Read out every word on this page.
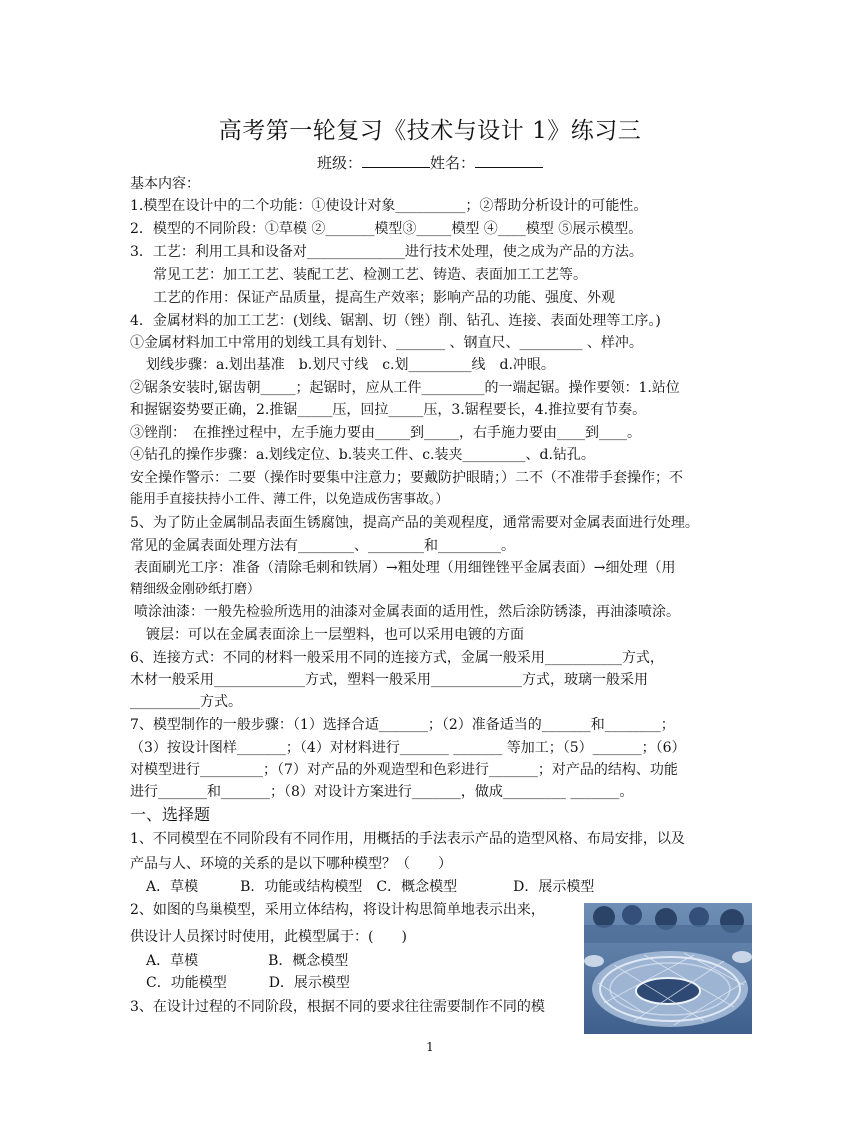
高考第一轮复习《技术与设计 1》练习三
班级：	姓名：
基本内容：
1.模型在设计中的二个功能：①使设计对象__________；②帮助分析设计的可能性。
2．模型的不同阶段：①草模 ②_______模型③_____模型 ④____模型 ⑤展示模型。
3．工艺：利用工具和设备对______________进行技术处理，使之成为产品的方法。
常见工艺：加工工艺、装配工艺、检测工艺、铸造、表面加工工艺等。
工艺的作用：保证产品质量，提高生产效率；影响产品的功能、强度、外观
4．金属材料的加工工艺：(划线、锯割、切（锉）削、钻孔、连接、表面处理等工序。)
①金属材料加工中常用的划线工具有划针、_______ 、钢直尺、_________ 、样冲。
划线步骤：a.划出基准　b.划尺寸线　c.划_________线　d.冲眼。
②锯条安装时,锯齿朝_____；起锯时，应从工件_________的一端起锯。操作要领：1.站位
和握锯姿势要正确，2.推锯_____压，回拉_____压，3.锯程要长，4.推拉要有节奏。
③锉削：　在推挫过程中，左手施力要由_____到_____，右手施力要由____到____。
④钻孔的操作步骤：a.划线定位、b.装夹工件、c.装夹_________、d.钻孔。
安全操作警示：二要（操作时要集中注意力；要戴防护眼睛；）二不（不准带手套操作；不
能用手直接扶持小工件、薄工件，以免造成伤害事故。）
5、为了防止金属制品表面生锈腐蚀，提高产品的美观程度，通常需要对金属表面进行处理。
常见的金属表面处理方法有________、________和_________。
表面刷光工序：准备（清除毛刺和铁屑）→粗处理（用细锉锉平金属表面）→细处理（用
精细级金刚砂纸打磨）
喷涂油漆：一般先检验所选用的油漆对金属表面的适用性，然后涂防锈漆，再油漆喷涂。
镀层：可以在金属表面涂上一层塑料，也可以采用电镀的方面
6、连接方式：不同的材料一般采用不同的连接方式，金属一般采用___________方式，
木材一般采用_____________方式，塑料一般采用_____________方式，玻璃一般采用
__________方式。
7、模型制作的一般步骤：（1）选择合适_______；（2）准备适当的_______和________；
（3）按设计图样_______；（4）对材料进行_______ _______ 等加工；（5）_______；（6）
对模型进行_________；（7）对产品的外观造型和色彩进行_______；对产品的结构、功能
进行_______和_______；（8）对设计方案进行_______，做成_________ _______。
一、选择题
1、不同模型在不同阶段有不同作用，用概括的手法表示产品的造型风格、布局安排，以及
产品与人、环境的关系的是以下哪种模型？（　　）
A．草模　　　B．功能或结构模型　C．概念模型　　　　D．展示模型
2、如图的鸟巢模型，采用立体结构，将设计构思简单地表示出来，
供设计人员探讨时使用，此模型属于：(　　)
A．草模　　　　　B．概念模型
C．功能模型　　　D．展示模型
3、在设计过程的不同阶段，根据不同的要求往往需要制作不同的模
1
